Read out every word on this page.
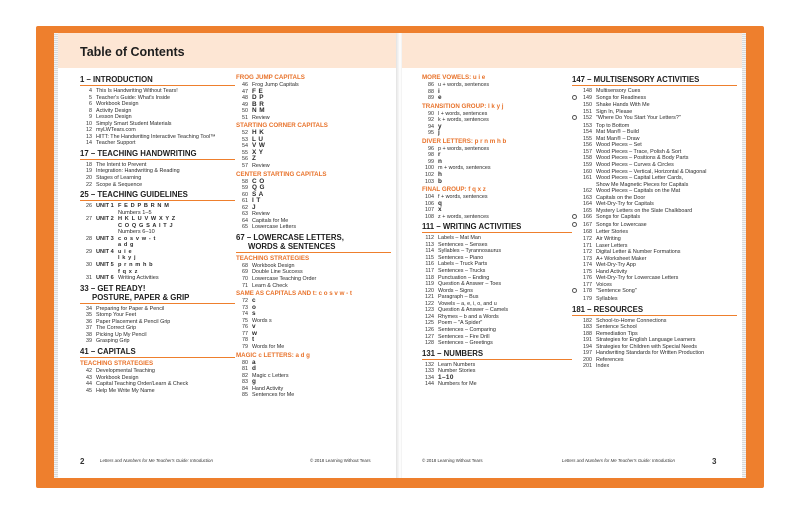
Table of Contents
1 – INTRODUCTION
4 This Is Handwriting Without Tears!
5 Teacher's Guide: What's Inside
6 Workbook Design
8 Activity Design
9 Lesson Design
10 Simply Smart Student Materials
12 myLWTears.com
13 HITT: The Handwriting Interactive Teaching Tool™
14 Teacher Support
17 – TEACHING HANDWRITING
18 The Intent to Prevent
19 Integration: Handwriting & Reading
20 Stages of Learning
22 Scope & Sequence
25 – TEACHING GUIDELINES
26 UNIT 1 F E D P B R N M
Numbers 1–5
27 UNIT 2 H K L U V W X Y Z
C O Q G S A I T J
Numbers 6–10
28 UNIT 3 c o s v w - t
a d g
29 UNIT 4 u i e
l k y j
30 UNIT 5 p r n m h b
f q x z
31 UNIT 6 Writing Activities
33 – GET READY!
POSTURE, PAPER & GRIP
34 Preparing for Paper & Pencil
35 Stomp Your Feet
36 Paper Placement & Pencil Grip
37 The Correct Grip
38 Picking Up My Pencil
39 Grasping Grip
41 – CAPITALS
TEACHING STRATEGIES
42 Developmental Teaching
43 Workbook Design
44 Capital Teaching Order/Learn & Check
45 Help Me Write My Name
FROG JUMP CAPITALS
46 Frog Jump Capitals
47 F E
48 D P
49 B R
50 N M
51 Review
STARTING CORNER CAPITALS
52 H K
53 L U
54 V W
55 X Y
56 Z
57 Review
CENTER STARTING CAPITALS
58 C O
59 Q G
60 S A
61 I T
62 J
63 Review
64 Capitals for Me
65 Lowercase Letters
67 – LOWERCASE LETTERS,
WORDS & SENTENCES
TEACHING STRATEGIES
68 Workbook Design
69 Double Line Success
70 Lowercase Teaching Order
71 Learn & Check
SAME AS CAPITALS AND t: c o s v w - t
72 c
73 o
74 s
75 Words s
76 v
77 w
78 t
79 Words for Me
MAGIC c LETTERS: a d g
80 a
81 d
82 Magic c Letters
83 g
84 Hand Activity
85 Sentences for Me
2	Letters and Numbers for Me Teacher's Guide: Introduction	© 2018 Learning Without Tears
MORE VOWELS: u i e
86 u + words, sentences
88 i
89 e
TRANSITION GROUP: l k y j
90 l + words, sentences
92 k + words, sentences
94 y
95 j
DIVER LETTERS: p r n m h b
96 p + words, sentences
98 r
99 n
100 m + words, sentences
102 h
103 b
FINAL GROUP: f q x z
104 f + words, sentences
106 q
107 x
108 z + words, sentences
111 – WRITING ACTIVITIES
112 Labels – Mat Man
113 Sentences – Senses
114 Syllables – Tyrannosaurus
115 Sentences – Piano
116 Labels – Truck Parts
117 Sentences – Trucks
118 Punctuation – Ending
119 Question & Answer – Toes
120 Words – Signs
121 Paragraph – Bus
122 Vowels – a, e, i, o, and u
123 Question & Answer – Camels
124 Rhymes – b and a Words
125 Poem – "A Spider"
126 Sentences – Comparing
127 Sentences – Fire Drill
128 Sentences – Greetings
131 – NUMBERS
132 Learn Numbers
133 Number Stories
134 1–10
144 Numbers for Me
147 – MULTISENSORY ACTIVITIES
148 Multisensory Cues
149 Songs for Readiness
150 Shake Hands With Me
151 Sign In, Please
152 "Where Do You Start Your Letters?"
153 Top to Bottom
154 Mat Man® – Build
155 Mat Man® – Draw
156 Wood Pieces – Set
157 Wood Pieces – Trace, Polish & Sort
158 Wood Pieces – Positions & Body Parts
159 Wood Pieces – Curves & Circles
160 Wood Pieces – Vertical, Horizontal & Diagonal
161 Wood Pieces – Capital Letter Cards,
Show Me Magnetic Pieces for Capitals
162 Wood Pieces – Capitals on the Mat
163 Capitals on the Door
164 Wet-Dry-Try for Capitals
165 Mystery Letters on the Slate Chalkboard
166 Songs for Capitals
167 Songs for Lowercase
168 Letter Stories
172 Air Writing
171 Laser Letters
172 Digital Letter & Number Formations
173 A+ Worksheet Maker
174 Wet-Dry-Try App
175 Hand Activity
176 Wet-Dry-Try for Lowercase Letters
177 Voices
178 "Sentence Song"
179 Syllables
181 – RESOURCES
182 School-to-Home Connections
183 Sentence School
188 Remediation Tips
191 Strategies for English Language Learners
194 Strategies for Children with Special Needs
197 Handwriting Standards for Written Production
200 References
201 Index
© 2018 Learning Without Tears	Letters and Numbers for Me Teacher's Guide: Introduction	3
